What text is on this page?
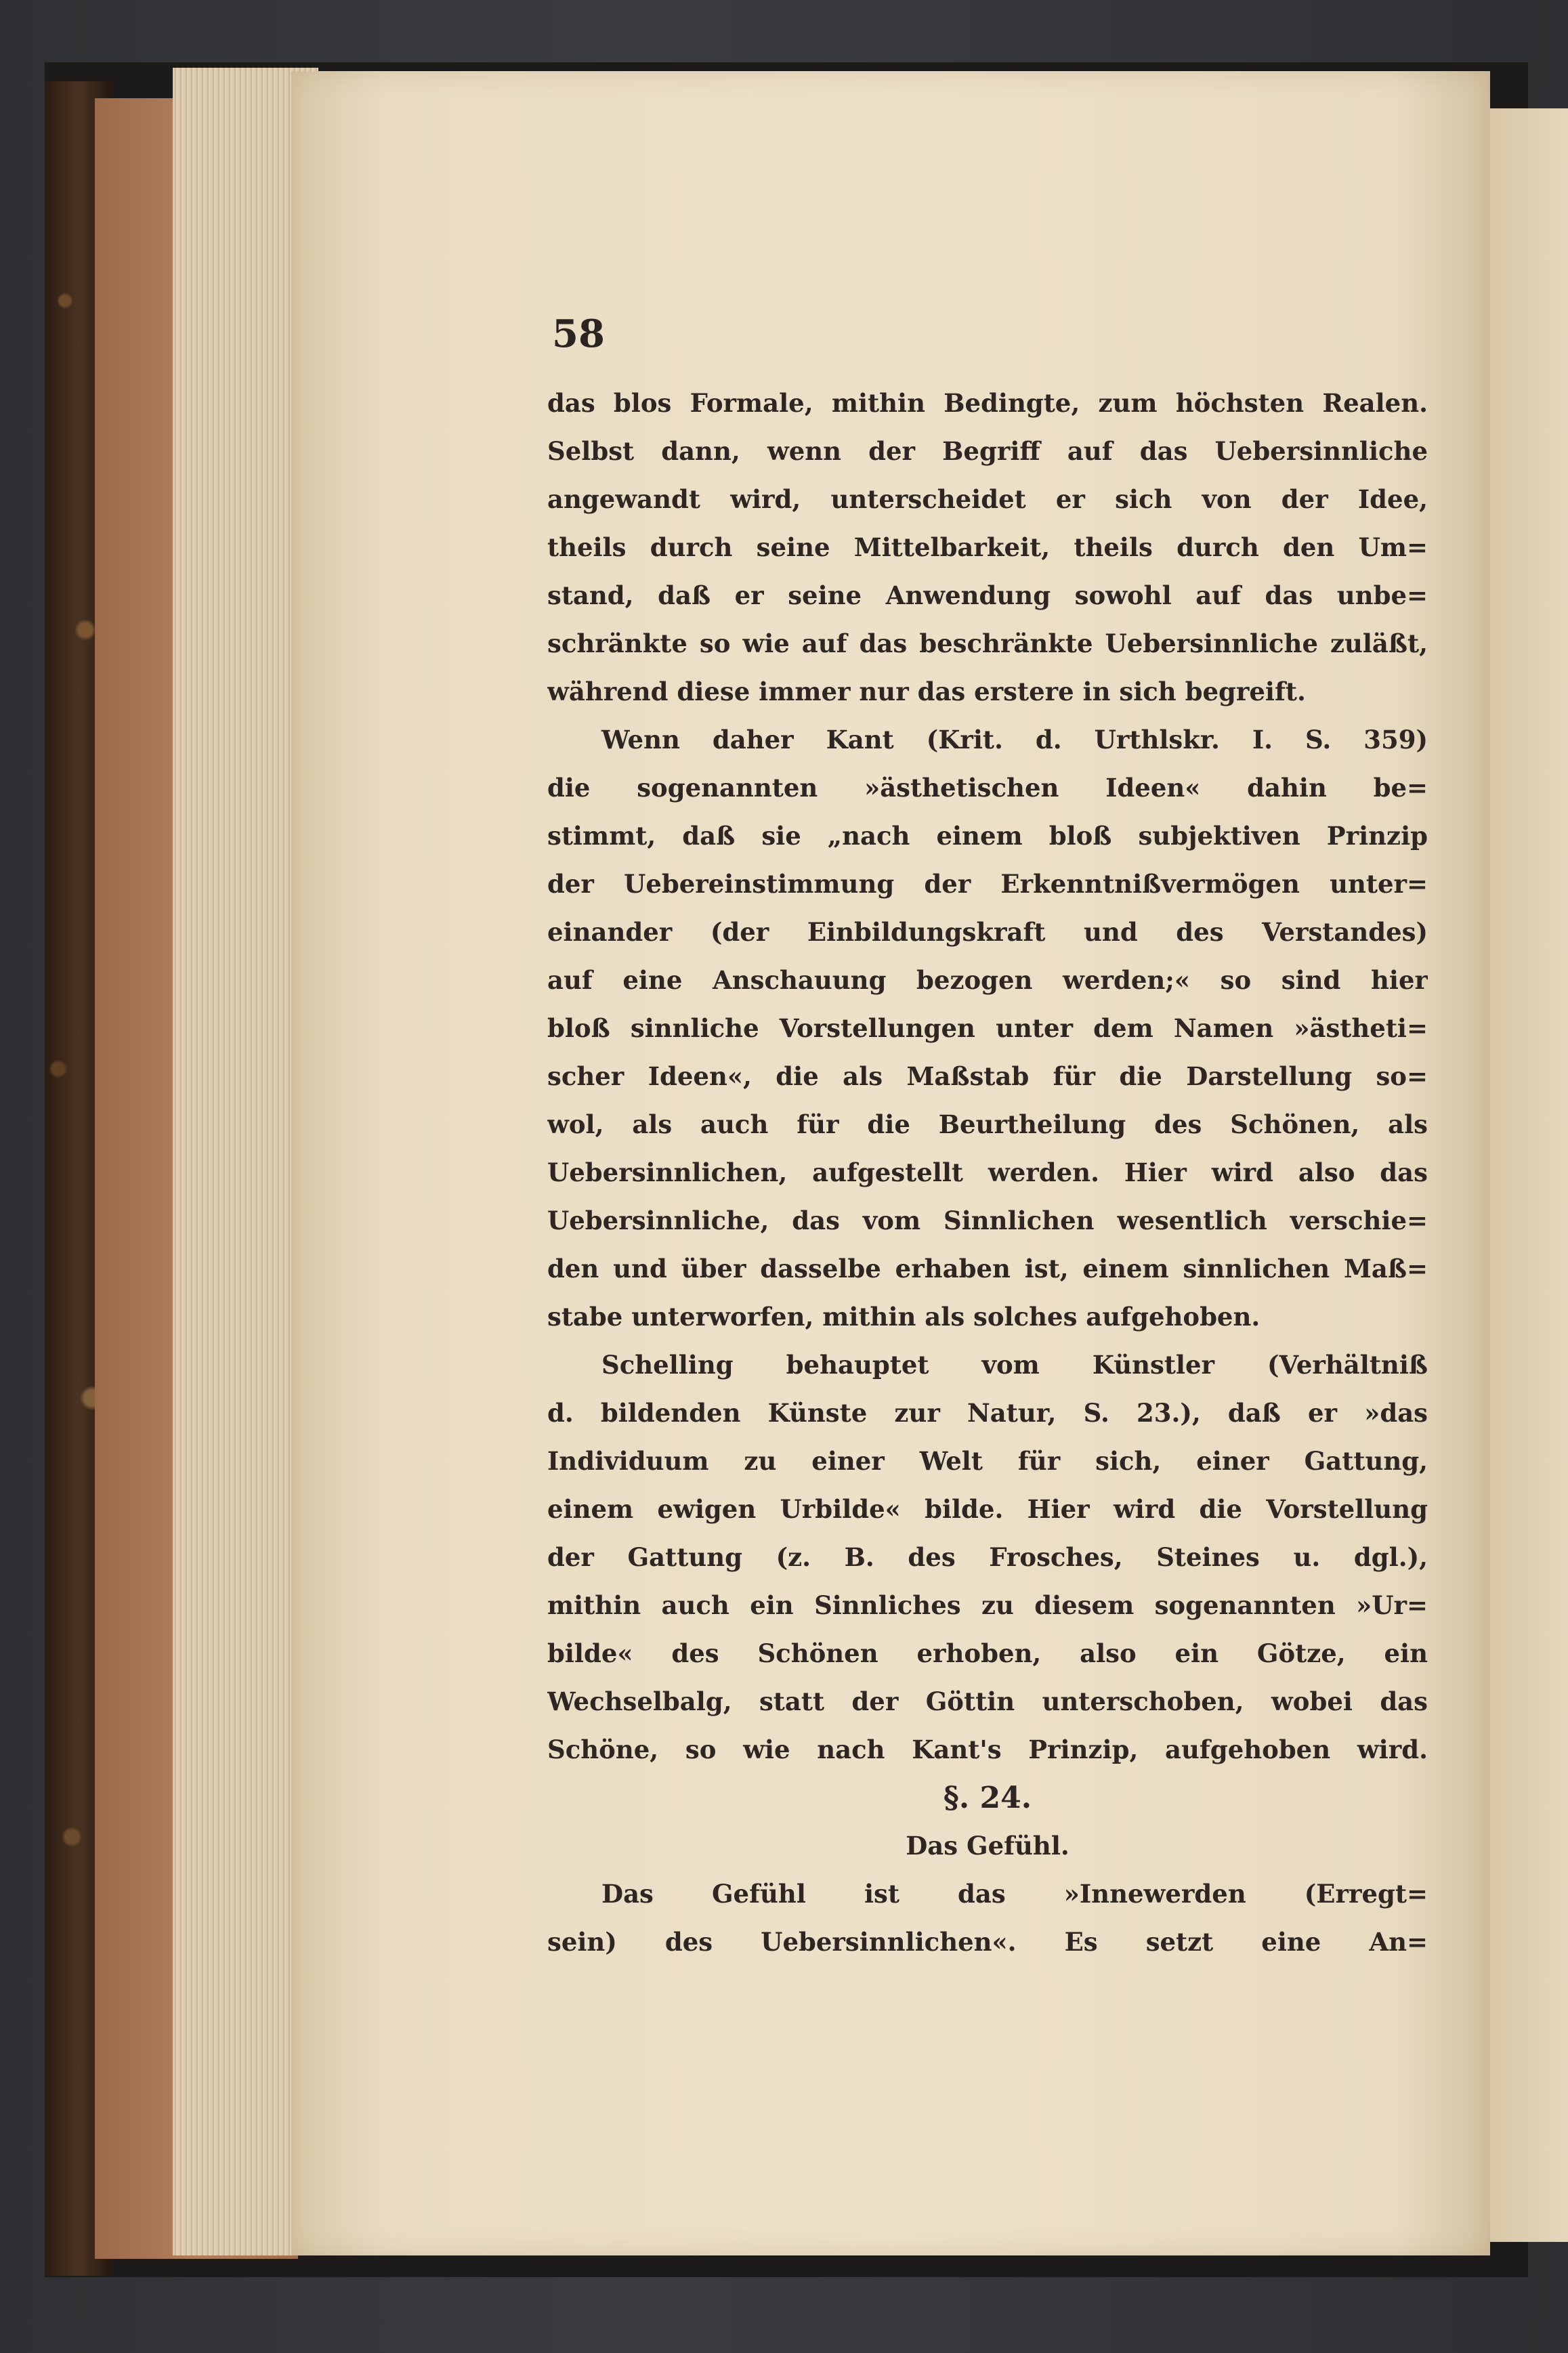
58
das blos Formale, mithin Bedingte, zum höchsten Realen.
Selbst dann, wenn der Begriff auf das Uebersinnliche
angewandt wird, unterscheidet er sich von der Idee,
theils durch seine Mittelbarkeit, theils durch den Um=
stand, daß er seine Anwendung sowohl auf das unbe=
schränkte so wie auf das beschränkte Uebersinnliche zuläßt,
während diese immer nur das erstere in sich begreift.
Wenn daher Kant (Krit. d. Urthlskr. I. S. 359)
die sogenannten »ästhetischen Ideen« dahin be=
stimmt, daß sie „nach einem bloß subjektiven Prinzip
der Uebereinstimmung der Erkenntnißvermögen unter=
einander (der Einbildungskraft und des Verstandes)
auf eine Anschauung bezogen werden;« so sind hier
bloß sinnliche Vorstellungen unter dem Namen »ästheti=
scher Ideen«, die als Maßstab für die Darstellung so=
wol, als auch für die Beurtheilung des Schönen, als
Uebersinnlichen, aufgestellt werden. Hier wird also das
Uebersinnliche, das vom Sinnlichen wesentlich verschie=
den und über dasselbe erhaben ist, einem sinnlichen Maß=
stabe unterworfen, mithin als solches aufgehoben.
Schelling behauptet vom Künstler (Verhältniß
d. bildenden Künste zur Natur, S. 23.), daß er »das
Individuum zu einer Welt für sich, einer Gattung,
einem ewigen Urbilde« bilde. Hier wird die Vorstellung
der Gattung (z. B. des Frosches, Steines u. dgl.),
mithin auch ein Sinnliches zu diesem sogenannten »Ur=
bilde« des Schönen erhoben, also ein Götze, ein
Wechselbalg, statt der Göttin unterschoben, wobei das
Schöne, so wie nach Kant's Prinzip, aufgehoben wird.
§. 24.
Das Gefühl.
Das Gefühl ist das »Innewerden (Erregt=
sein) des Uebersinnlichen«. Es setzt eine An=
